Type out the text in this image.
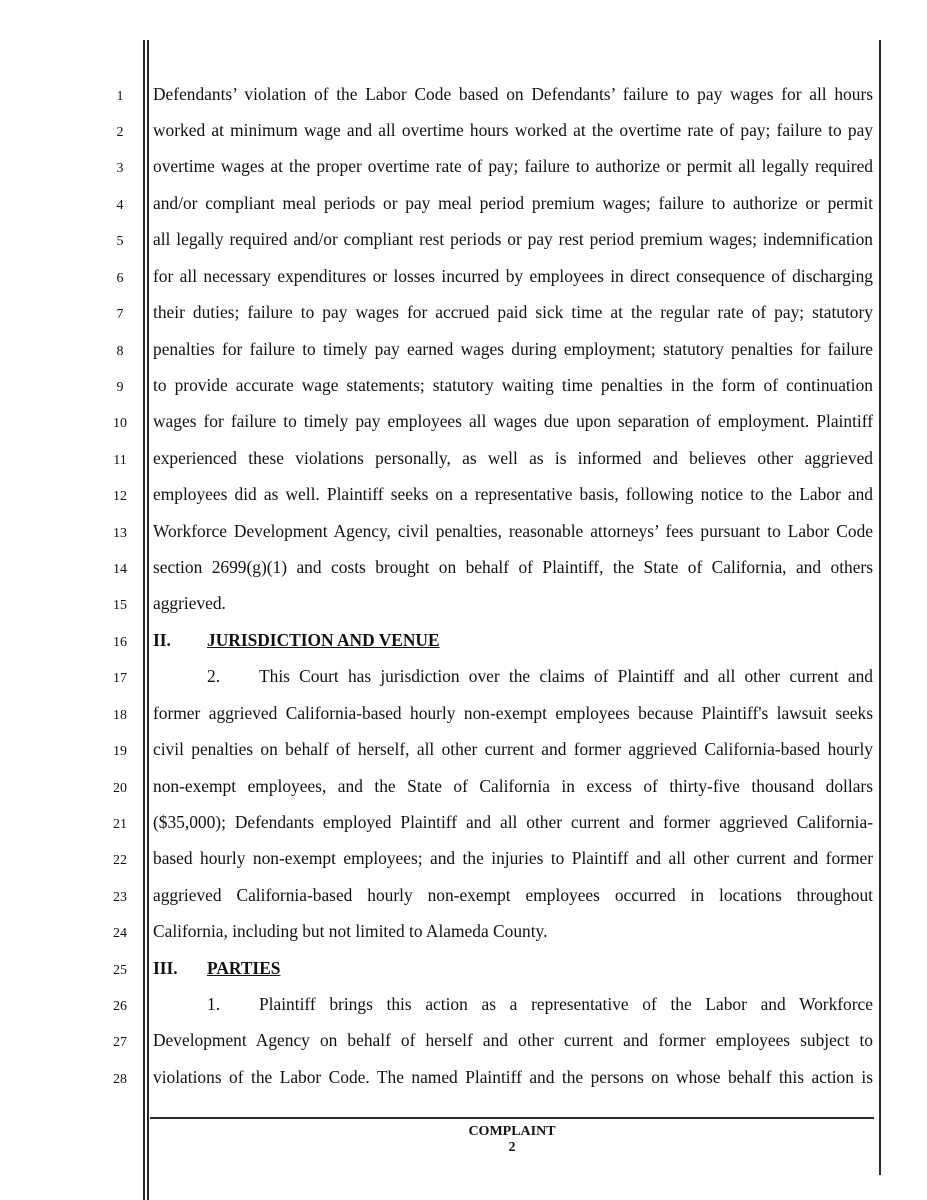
1
2
3
4
5
6
7
8
9
10
11
12
13
14
15
16
17
18
19
20
21
22
23
24
25
26
27
28
Defendants’ violation of the Labor Code based on Defendants’ failure to pay wages for all hours
worked at minimum wage and all overtime hours worked at the overtime rate of pay; failure to pay
overtime wages at the proper overtime rate of pay; failure to authorize or permit all legally required
and/or compliant meal periods or pay meal period premium wages; failure to authorize or permit
all legally required and/or compliant rest periods or pay rest period premium wages; indemnification
for all necessary expenditures or losses incurred by employees in direct consequence of discharging
their duties; failure to pay wages for accrued paid sick time at the regular rate of pay; statutory
penalties for failure to timely pay earned wages during employment; statutory penalties for failure
to provide accurate wage statements; statutory waiting time penalties in the form of continuation
wages for failure to timely pay employees all wages due upon separation of employment. Plaintiff
experienced these violations personally, as well as is informed and believes other aggrieved
employees did as well. Plaintiff seeks on a representative basis, following notice to the Labor and
Workforce Development Agency, civil penalties, reasonable attorneys’ fees pursuant to Labor Code
section 2699(g)(1) and costs brought on behalf of Plaintiff, the State of California, and others
aggrieved.
II. JURISDICTION AND VENUE
2. This Court has jurisdiction over the claims of Plaintiff and all other current and
former aggrieved California-based hourly non-exempt employees because Plaintiff's lawsuit seeks
civil penalties on behalf of herself, all other current and former aggrieved California-based hourly
non-exempt employees, and the State of California in excess of thirty-five thousand dollars
($35,000); Defendants employed Plaintiff and all other current and former aggrieved California-
based hourly non-exempt employees; and the injuries to Plaintiff and all other current and former
aggrieved California-based hourly non-exempt employees occurred in locations throughout
California, including but not limited to Alameda County.
III. PARTIES
1. Plaintiff brings this action as a representative of the Labor and Workforce
Development Agency on behalf of herself and other current and former employees subject to
violations of the Labor Code. The named Plaintiff and the persons on whose behalf this action is
COMPLAINT
2
